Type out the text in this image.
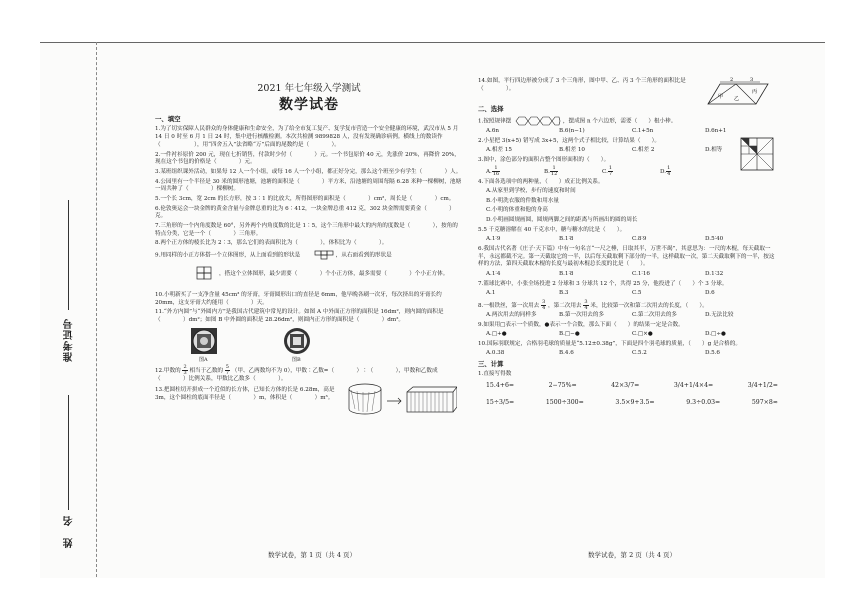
准考证号
姓　名
2021 年七年级入学测试
数学试卷

一、填空

1.为了切实保障人民群众的身体健康和生命安全，为了给全市复工复产、复学复市营造一个安全健康的环境，武汉市从 5 月 14 日 0 时至 6 月 1 日 24 时，集中进行核酸检测。本次共检测 9899828 人，没有发现确诊病例。横线上的数读作（　　　　　　），用“四舍五入”法省略“万”后面的尾数约是（　　　　）。

2.一件衬衫原价 200 元，现在七折销售，付款时少付（　　　　）元。一个书包原价 40 元，先涨价 20%，再降价 20%，现在这个书包的价格是（　　　　）元。

3.某班组织课外活动，如果每 12 人一个小组，或每 16 人一个小组，都正好分完，那么这个班至少有学生（　　　　）人。

4.公园里有一个半径是 30 米的圆形池塘，池塘的面积是（　　　　）平方米，沿池塘的周围每隔 6.28 米种一棵柳树，池塘一周共种了（　　　　）棵柳树。

5.一个长 3cm，宽 2cm 的长方形，按 3∶1 的比放大，所得图形的面积是（　　　　）cm²，周长是（　　　　）cm。

6.伦敦奥运会一块金牌的黄金含量与金牌总重的比为 6∶412，一块金牌总重 412 克，302 块金牌需要黄金（　　　　）克。

7.三角形的一个内角度数是 60°，另外两个内角度数的比是 1∶5，这个三角形中最大的内角的度数是（　　　　），按角的特点分类，它是一个（　　　　）三角形。

8.两个正方体的棱长比为 2∶3，那么它们的表面积比为（　　　　），体积比为（　　　　）。

9.用同样的小正方体搭一个立体图形，从上面看到的形状是	，从右面看到的形状是
，搭这个立体图形，最少需要（　　　　）个小正方体，最多需要（　　　　）个小正方体。

10.小明新买了一支净含量 45cm³ 的牙膏，牙膏圆形出口的直径是 6mm，他早晚各刷一次牙，每次挤出的牙膏长约 20mm，这支牙膏大约能用（　　　　）天。

11.“外方内圆”与“外圆内方”是我国古代建筑中常见的设计。如图 A 中外面正方形的面积是 16dm²，则内圆的面积是（　　　　）dm²；如图 B 中外圆的面积是 28.26dm²，则圆内正方形的面积是（　　　　）dm²。

图A	图B

12.甲数的 $\frac{2}{3}$ 相当于乙数的 $\frac{5}{7}$ （甲、乙两数均不为 0），甲数∶乙数=（　　　　）∶（　　　　），甲数和乙数成（　　　　）比例关系，甲数比乙数多（　　　　）。

13.把圆柱切开拼成一个近似的长方体，已知长方体的长是 6.28m，高是 3m，这个圆柱的底面半径是（　　　　）m，体积是（　　　　）m³。

数学试卷，第 1 页（共 4 页）

14.如图，平行四边形被分成了 3 个三角形，图中甲、乙、丙 3 个三角形的面积比是（　　　　）。

2	3
甲 乙
丙

二、选择

1.按照规律摆	，摆成图 n 个六边形，需要（　　）根小棒。

A.6n	B.6(n−1)	C.1+5n	D.6n+1

2.小星把 3(x+5) 错写成 3x+5，这两个式子相比较，计算结果（　　）。

A.相差 15	B.相差 10	C.相差 2	D.相等

3.图中，涂色部分的面积占整个图形面积的（　　）。

A. $\frac{1}{16}$	B. $\frac{1}{12}$	C. $\frac{1}{7}$	D. $\frac{1}{4}$

4.下面各选项中的两种量，（　　）成正比例关系。

A.从家里到学校，步行的速度和时间

B.小明洗衣服的件数和用水量

C.小明的体重和他的身高

D.小明画圆规画圆，圆规两脚之间的距离与所画出的圆的周长

5.5 千克糖溶解在 40 千克水中，糖与糖水的比是（　　）。

A.1∶9	B.1∶8	C.8∶9	D.5∶40

6.我国古代名著《庄子·天下篇》中有一句名言“一尺之棰，日取其半，万世不竭”，其意思为：一尺的木棍，每天截取一半，永远都截不完。第一天截取它的一半，以后每天截取剩下部分的一半，这样截取一次，第二天截取剩下的一半，按这样的方法，第四天截取木棍的长度与最初木棍总长度的比是（　　）。

A.1∶4	B.1∶8	C.1∶16	D.1∶32

7.篮球比赛中，小张全场投进 2 分球和 3 分球共 12 个，共得 25 分，他投进了（　　）个 3 分球。

A.1	B.3	C.5	D.6

8.一根铁丝，第一次用去 $\frac{3}{4}$ ，第二次用去 $\frac{3}{4}$ 米，比较第一次和第二次用去的长度，（　　）。

A.两次用去的同样多	B.第一次用去的多	C.第二次用去的多	D.无法比较

9.如果用□表示一个质数，●表示一个合数，那么下面（　　）的结果一定是合数。

A.□+●	B.□−●	C.□×●	D.□÷●

10.国际羽联规定，合格羽毛球的质量是“5.12±0.38g”，下面是四个羽毛球的质量，（　　）g 是合格的。

A.0.38	B.4.6	C.5.2	D.5.6

三、计算

1.直接写得数

15.4+6=	2−75%=	42×3/7=	3/4+1/4×4=	3/4+1/2=
15÷3/5=	1500÷300=	3.5×9+3.5=	9.3÷0.03=	597×8≈
数学试卷，第 2 页（共 4 页）
